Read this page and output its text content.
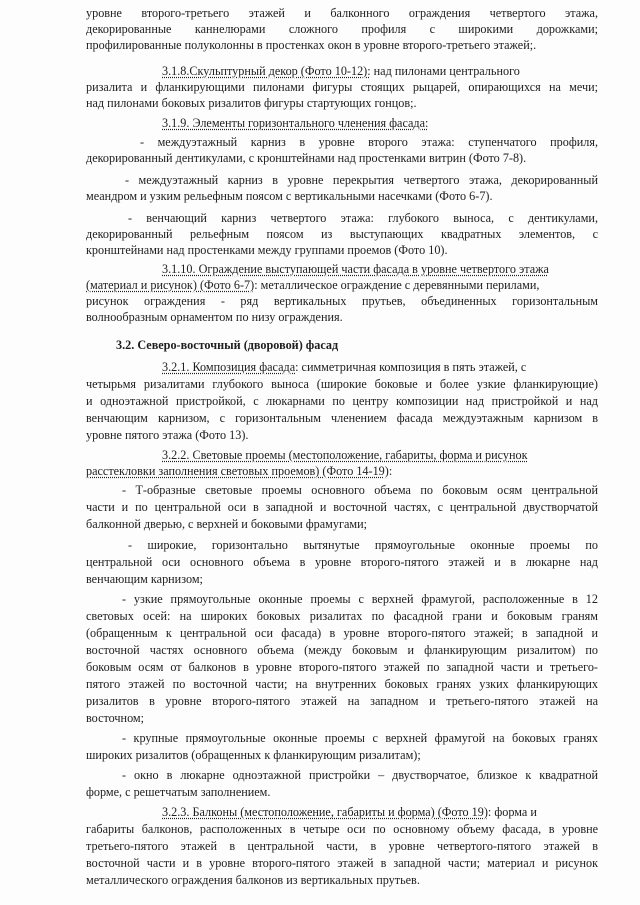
уровне второго-третьего этажей и балконного ограждения четвертого этажа,
декорированные каннелюрами сложного профиля с широкими дорожками;
профилированные полуколонны в простенках окон в уровне второго-третьего этажей;.
3.1.8.Скульптурный декор (Фото 10-12): над пилонами центрального
ризалита и фланкирующими пилонами фигуры стоящих рыцарей, опирающихся на мечи;
над пилонами боковых ризалитов фигуры стартующих гонцов;.
3.1.9. Элементы горизонтального членения фасада:
- междуэтажный карниз в уровне второго этажа: ступенчатого профиля,
декорированный дентикулами, с кронштейнами над простенками витрин (Фото 7-8).
- междуэтажный карниз в уровне перекрытия четвертого этажа, декорированный
меандром и узким рельефным поясом с вертикальными насечками (Фото 6-7).
- венчающий карниз четвертого этажа: глубокого выноса, с дентикулами,
декорированный рельефным поясом из выступающих квадратных элементов, с
кронштейнами над простенками между группами проемов (Фото 10).
3.1.10. Ограждение выступающей части фасада в уровне четвертого этажа
(материал и рисунок) (Фото 6-7): металлическое ограждение с деревянными перилами,
рисунок ограждения - ряд вертикальных прутьев, объединенных горизонтальным
волнообразным орнаментом по низу ограждения.
3.2. Северо-восточный (дворовой) фасад
3.2.1. Композиция фасада: симметричная композиция в пять этажей, с
четырьмя ризалитами глубокого выноса (широкие боковые и более узкие фланкирующие)
и одноэтажной пристройкой, с люкарнами по центру композиции над пристройкой и над
венчающим карнизом, с горизонтальным членением фасада междуэтажным карнизом в
уровне пятого этажа (Фото 13).
3.2.2. Световые проемы (местоположение, габариты, форма и рисунок
расстекловки заполнения световых проемов) (Фото 14-19):
- Т-образные световые проемы основного объема по боковым осям центральной
части и по центральной оси в западной и восточной частях, с центральной двустворчатой
балконной дверью, с верхней и боковыми фрамугами;
- широкие, горизонтально вытянутые прямоугольные оконные проемы по
центральной оси основного объема в уровне второго-пятого этажей и в люкарне над
венчающим карнизом;
- узкие прямоугольные оконные проемы с верхней фрамугой, расположенные в 12
световых осей: на широких боковых ризалитах по фасадной грани и боковым граням
(обращенным к центральной оси фасада) в уровне второго-пятого этажей; в западной и
восточной частях основного объема (между боковым и фланкирующим ризалитом) по
боковым осям от балконов в уровне второго-пятого этажей по западной части и третьего-
пятого этажей по восточной части; на внутренних боковых гранях узких фланкирующих
ризалитов в уровне второго-пятого этажей на западном и третьего-пятого этажей на
восточном;
- крупные прямоугольные оконные проемы с верхней фрамугой на боковых гранях
широких ризалитов (обращенных к фланкирующим ризалитам);
- окно в люкарне одноэтажной пристройки – двустворчатое, близкое к квадратной
форме, с решетчатым заполнением.
3.2.3. Балконы (местоположение, габариты и форма) (Фото 19): форма и
габариты балконов, расположенных в четыре оси по основному объему фасада, в уровне
третьего-пятого этажей в центральной части, в уровне четвертого-пятого этажей в
восточной части и в уровне второго-пятого этажей в западной части; материал и рисунок
металлического ограждения балконов из вертикальных прутьев.
